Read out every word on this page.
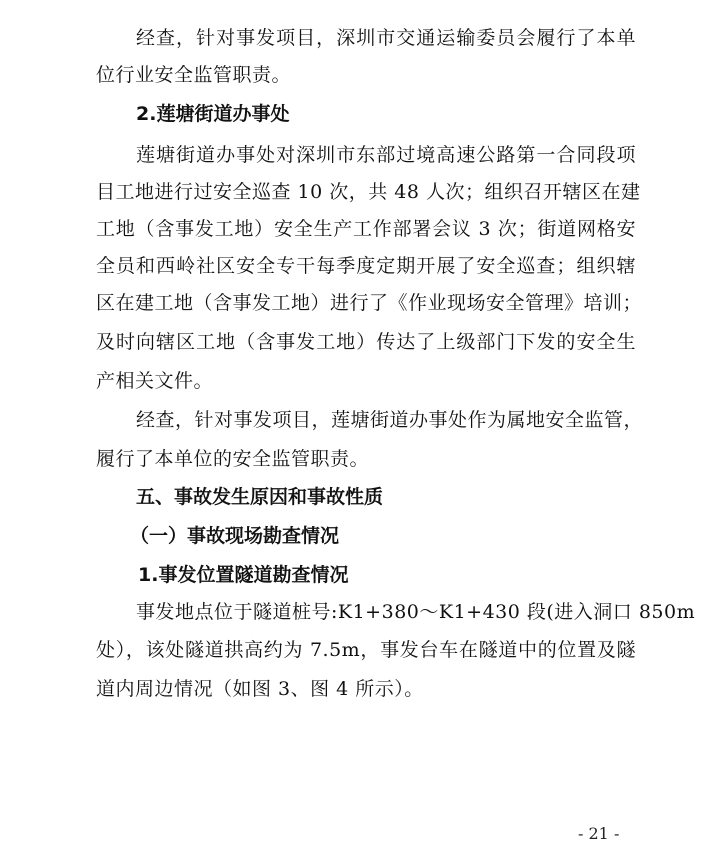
经查，针对事发项目，深圳市交通运输委员会履行了本单
位行业安全监管职责。
2.莲塘街道办事处
莲塘街道办事处对深圳市东部过境高速公路第一合同段项
目工地进行过安全巡查 10 次，共 48 人次；组织召开辖区在建
工地（含事发工地）安全生产工作部署会议 3 次；街道网格安
全员和西岭社区安全专干每季度定期开展了安全巡查；组织辖
区在建工地（含事发工地）进行了《作业现场安全管理》培训；
及时向辖区工地（含事发工地）传达了上级部门下发的安全生
产相关文件。
经查，针对事发项目，莲塘街道办事处作为属地安全监管，
履行了本单位的安全监管职责。
五、事故发生原因和事故性质
（一）事故现场勘查情况
1.事发位置隧道勘查情况
事发地点位于隧道桩号:K1+380～K1+430 段(进入洞口 850m
处），该处隧道拱高约为 7.5m，事发台车在隧道中的位置及隧
道内周边情况（如图 3、图 4 所示）。
- 21 -
